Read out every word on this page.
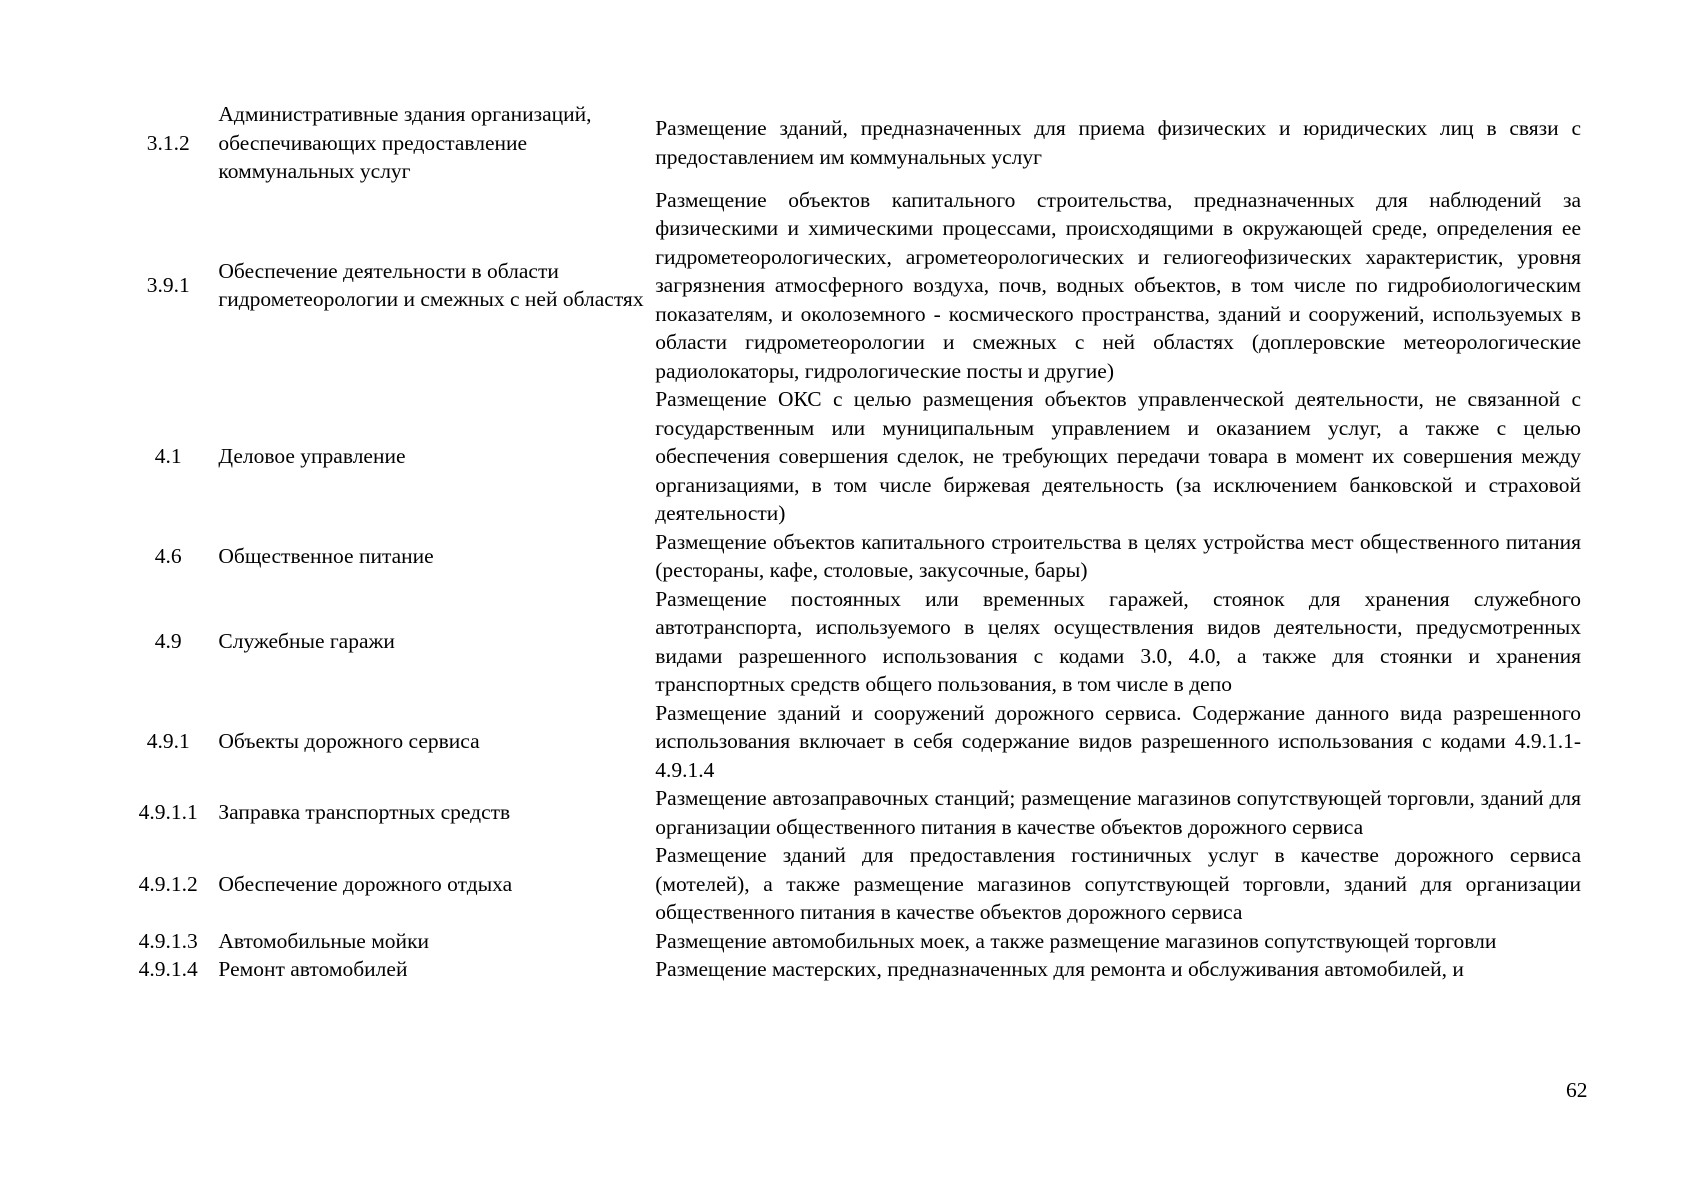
3.1.2	Административные здания организаций, обеспечивающих предоставление коммунальных услуг	Размещение зданий, предназначенных для приема физических и юридических лиц в связи с предоставлением им коммунальных услуг
3.9.1	Обеспечение деятельности в области гидрометеорологии и смежных с ней областях	Размещение объектов капитального строительства, предназначенных для наблюдений за физическими и химическими процессами, происходящими в окружающей среде, определения ее гидрометеорологических, агрометеорологических и гелиогеофизических характеристик, уровня загрязнения атмосферного воздуха, почв, водных объектов, в том числе по гидробиологическим показателям, и околоземного - космического пространства, зданий и сооружений, используемых в области гидрометеорологии и смежных с ней областях (доплеровские метеорологические радиолокаторы, гидрологические посты и другие)
4.1	Деловое управление	Размещение ОКС с целью размещения объектов управленческой деятельности, не связанной с государственным или муниципальным управлением и оказанием услуг, а также с целью обеспечения совершения сделок, не требующих передачи товара в момент их совершения между организациями, в том числе биржевая деятельность (за исключением банковской и страховой деятельности)
4.6	Общественное питание	Размещение объектов капитального строительства в целях устройства мест общественного питания (рестораны, кафе, столовые, закусочные, бары)
4.9	Служебные гаражи	Размещение постоянных или временных гаражей, стоянок для хранения служебного автотранспорта, используемого в целях осуществления видов деятельности, предусмотренных видами разрешенного использования с кодами 3.0, 4.0, а также для стоянки и хранения транспортных средств общего пользования, в том числе в депо
4.9.1	Объекты дорожного сервиса	Размещение зданий и сооружений дорожного сервиса. Содержание данного вида разрешенного использования включает в себя содержание видов разрешенного использования с кодами 4.9.1.1-4.9.1.4
4.9.1.1	Заправка транспортных средств	Размещение автозаправочных станций; размещение магазинов сопутствующей торговли, зданий для организации общественного питания в качестве объектов дорожного сервиса
4.9.1.2	Обеспечение дорожного отдыха	Размещение зданий для предоставления гостиничных услуг в качестве дорожного сервиса (мотелей), а также размещение магазинов сопутствующей торговли, зданий для организации общественного питания в качестве объектов дорожного сервиса
4.9.1.3	Автомобильные мойки	Размещение автомобильных моек, а также размещение магазинов сопутствующей торговли
4.9.1.4	Ремонт автомобилей	Размещение мастерских, предназначенных для ремонта и обслуживания автомобилей, и
62
